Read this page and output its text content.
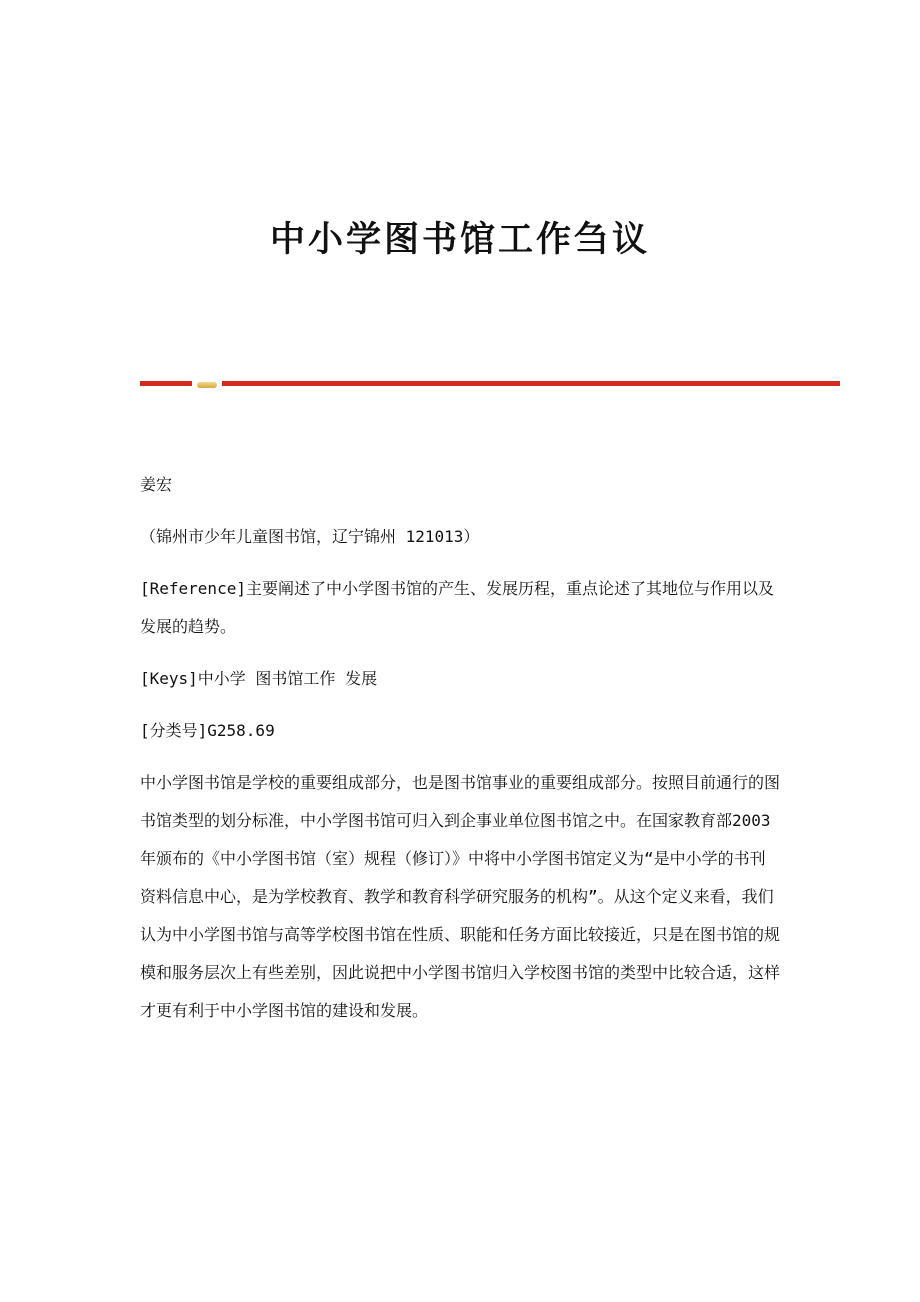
中小学图书馆工作刍议

姜宏

（锦州市少年儿童图书馆，辽宁锦州 121013）

[Reference]主要阐述了中小学图书馆的产生、发展历程，重点论述了其地位与作用以及发展的趋势。

[Keys]中小学 图书馆工作 发展

[分类号]G258.69

中小学图书馆是学校的重要组成部分，也是图书馆事业的重要组成部分。按照目前通行的图书馆类型的划分标准，中小学图书馆可归入到企事业单位图书馆之中。在国家教育部2003 年颁布的《中小学图书馆（室）规程（修订）》中将中小学图书馆定义为“是中小学的书刊资料信息中心，是为学校教育、教学和教育科学研究服务的机构”。从这个定义来看，我们认为中小学图书馆与高等学校图书馆在性质、职能和任务方面比较接近，只是在图书馆的规模和服务层次上有些差别，因此说把中小学图书馆归入学校图书馆的类型中比较合适，这样才更有利于中小学图书馆的建设和发展。
